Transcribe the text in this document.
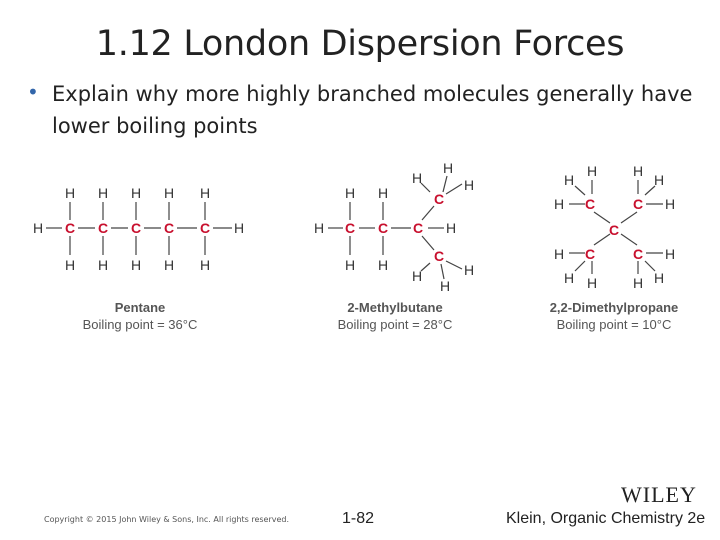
1.12 London Dispersion Forces
• Explain why more highly branched molecules generally have lower boiling points
H	H
C C C C C
H
H
H
H
H
H
H
H
H
H
Pentane
Boiling point = 36°C
H	H
C C C
C
C
H
H
H
H
H
H
H
H	H
H
2-Methylbutane
Boiling point = 28°C
C	C
C
C	C
H	H
H	H
H
H
H
H
H
H	H H
2,2-Dimethylpropane
Boiling point = 10°C
Copyright © 2015 John Wiley & Sons, Inc. All rights reserved.	1-82
WILEY
Klein, Organic Chemistry 2e
